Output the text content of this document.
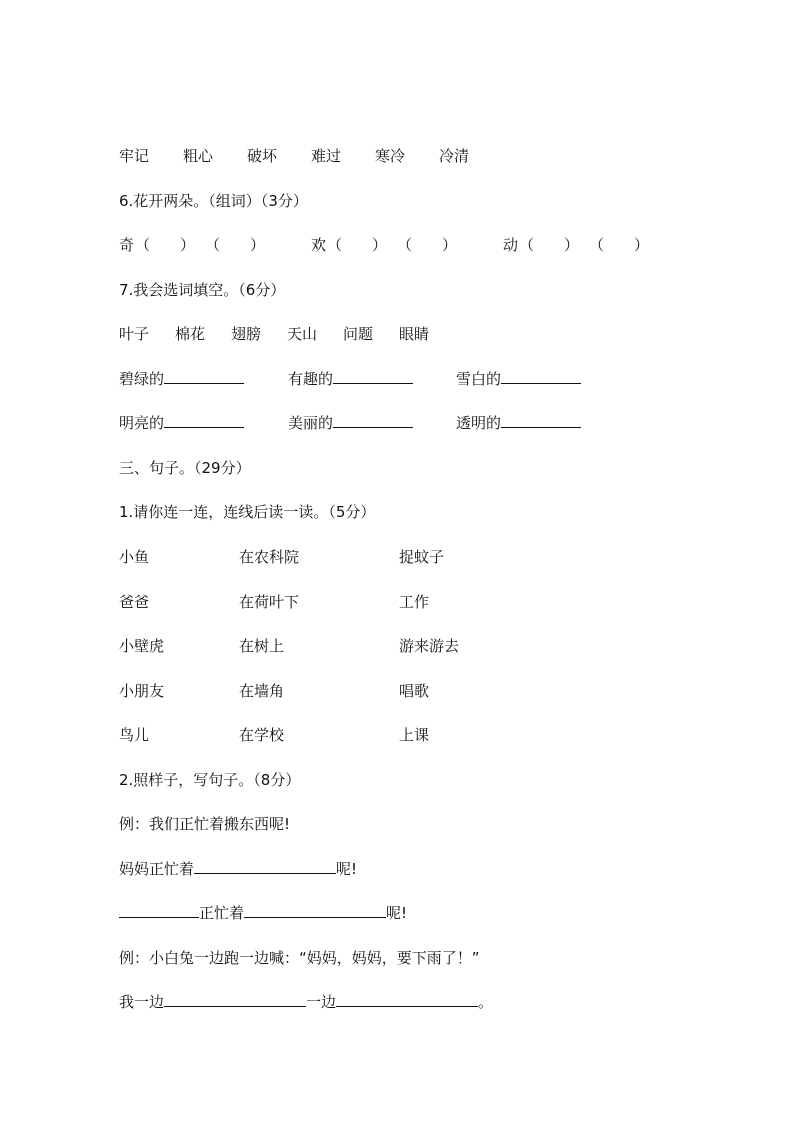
牢记 粗心 破坏 难过 寒冷 冷清
6.花开两朵。（组词）（3分）
奇 （　　） （　　）	欢 （　　） （　　）	动 （　　） （　　）
7.我会选词填空。（6分）
叶子 棉花 翅膀 天山 问题 眼睛
碧绿的	有趣的	雪白的
明亮的	美丽的	透明的
三、句子。（29分）
1.请你连一连，连线后读一读。（5分）
小鱼	在农科院	捉蚊子
爸爸	在荷叶下	工作
小壁虎	在树上	游来游去
小朋友	在墙角	唱歌
鸟儿	在学校	上课
2.照样子，写句子。（8分）
例：我们正忙着搬东西呢!
妈妈正忙着	呢!
正忙着	呢!
例：小白兔一边跑一边喊：“妈妈，妈妈，要下雨了！”
我一边	一边	。
